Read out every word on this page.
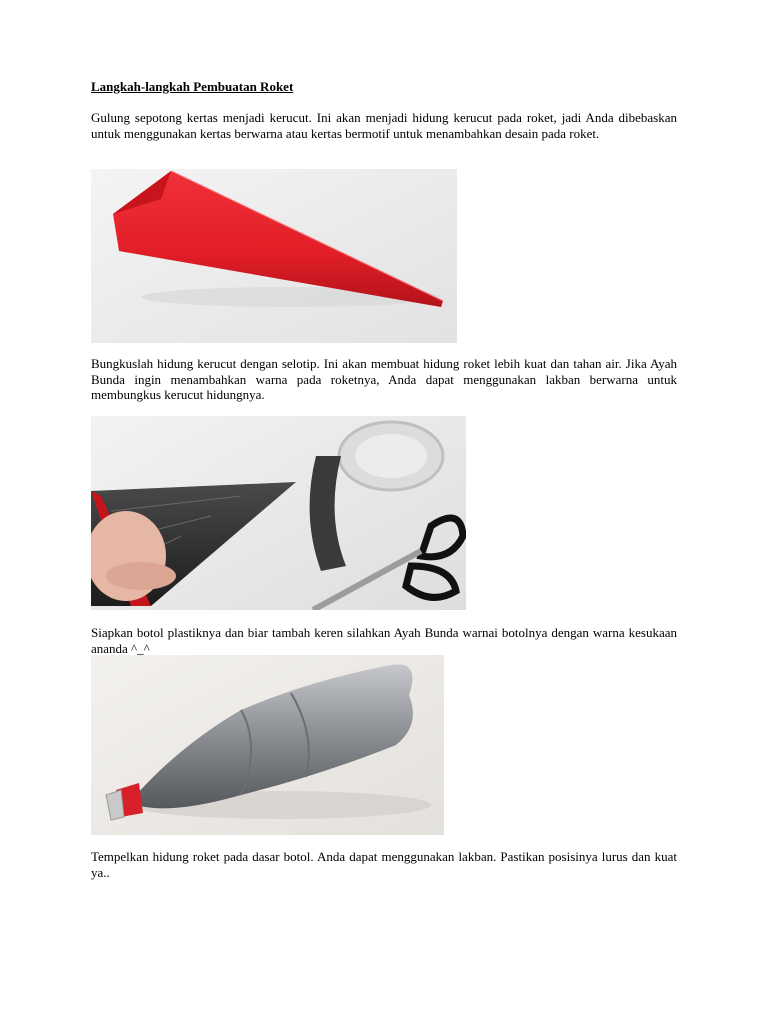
Langkah-langkah Pembuatan Roket
Gulung sepotong kertas menjadi kerucut. Ini akan menjadi hidung kerucut pada roket, jadi Anda dibebaskan untuk menggunakan kertas berwarna atau kertas bermotif untuk menambahkan desain pada roket.
Bungkuslah hidung kerucut dengan selotip. Ini akan membuat hidung roket lebih kuat dan tahan air. Jika Ayah Bunda ingin menambahkan warna pada roketnya, Anda dapat menggunakan lakban berwarna untuk membungkus kerucut hidungnya.
Siapkan botol plastiknya dan biar tambah keren silahkan Ayah Bunda warnai botolnya dengan warna kesukaan ananda ^_^
Tempelkan hidung roket pada dasar botol. Anda dapat menggunakan lakban. Pastikan posisinya lurus dan kuat ya..
